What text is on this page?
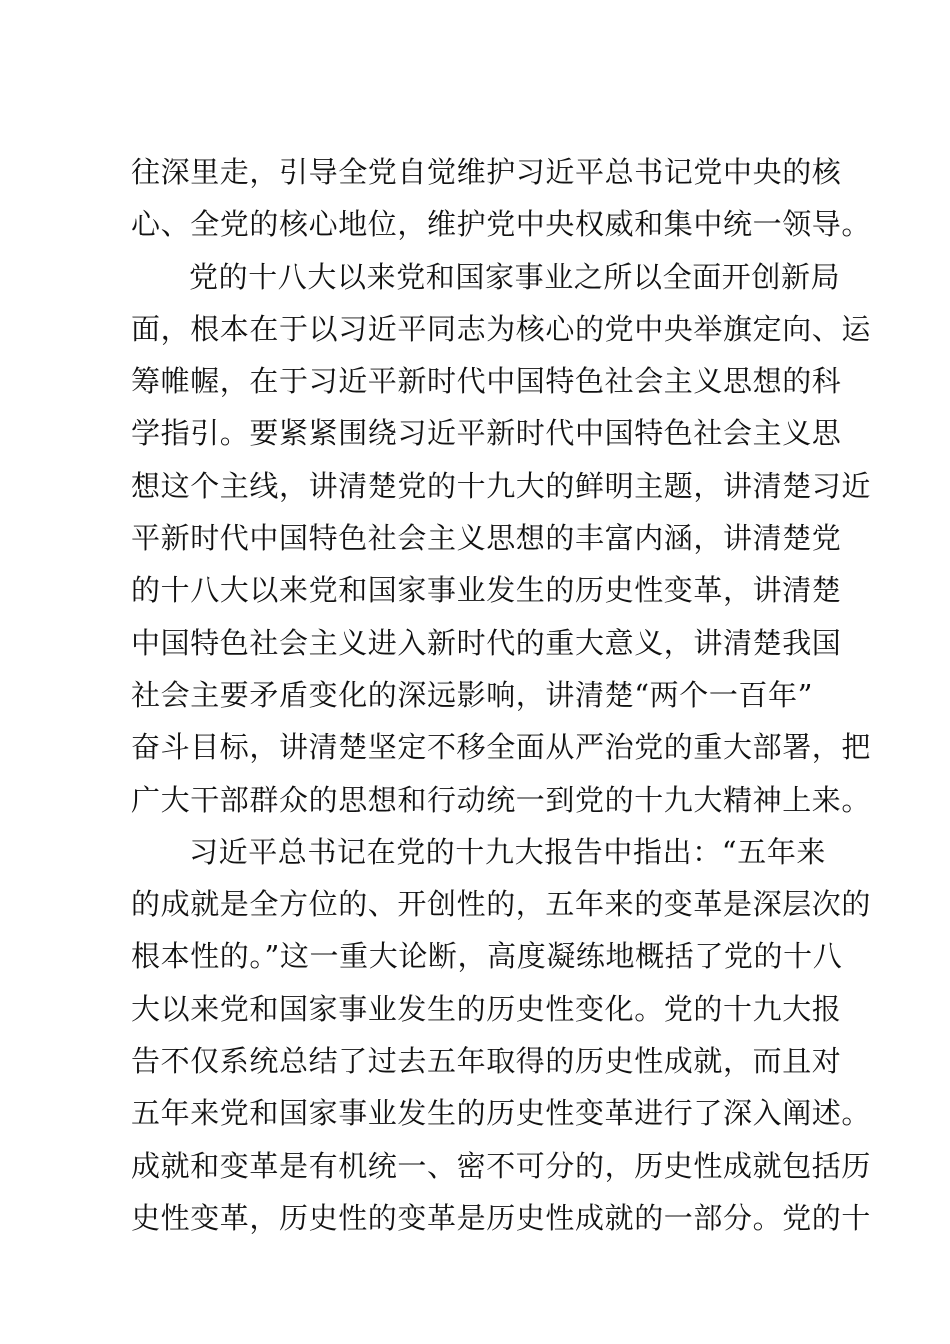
往深里走，引导全党自觉维护习近平总书记党中央的核
心、全党的核心地位，维护党中央权威和集中统一领导。
党的十八大以来党和国家事业之所以全面开创新局
面，根本在于以习近平同志为核心的党中央举旗定向、运
筹帷幄，在于习近平新时代中国特色社会主义思想的科
学指引。要紧紧围绕习近平新时代中国特色社会主义思
想这个主线，讲清楚党的十九大的鲜明主题，讲清楚习近
平新时代中国特色社会主义思想的丰富内涵，讲清楚党
的十八大以来党和国家事业发生的历史性变革，讲清楚
中国特色社会主义进入新时代的重大意义，讲清楚我国
社会主要矛盾变化的深远影响，讲清楚“两个一百年”
奋斗目标，讲清楚坚定不移全面从严治党的重大部署，把
广大干部群众的思想和行动统一到党的十九大精神上来。
习近平总书记在党的十九大报告中指出：“五年来
的成就是全方位的、开创性的，五年来的变革是深层次的
根本性的。”这一重大论断，高度凝练地概括了党的十八
大以来党和国家事业发生的历史性变化。党的十九大报
告不仅系统总结了过去五年取得的历史性成就，而且对
五年来党和国家事业发生的历史性变革进行了深入阐述。
成就和变革是有机统一、密不可分的，历史性成就包括历
史性变革，历史性的变革是历史性成就的一部分。党的十
